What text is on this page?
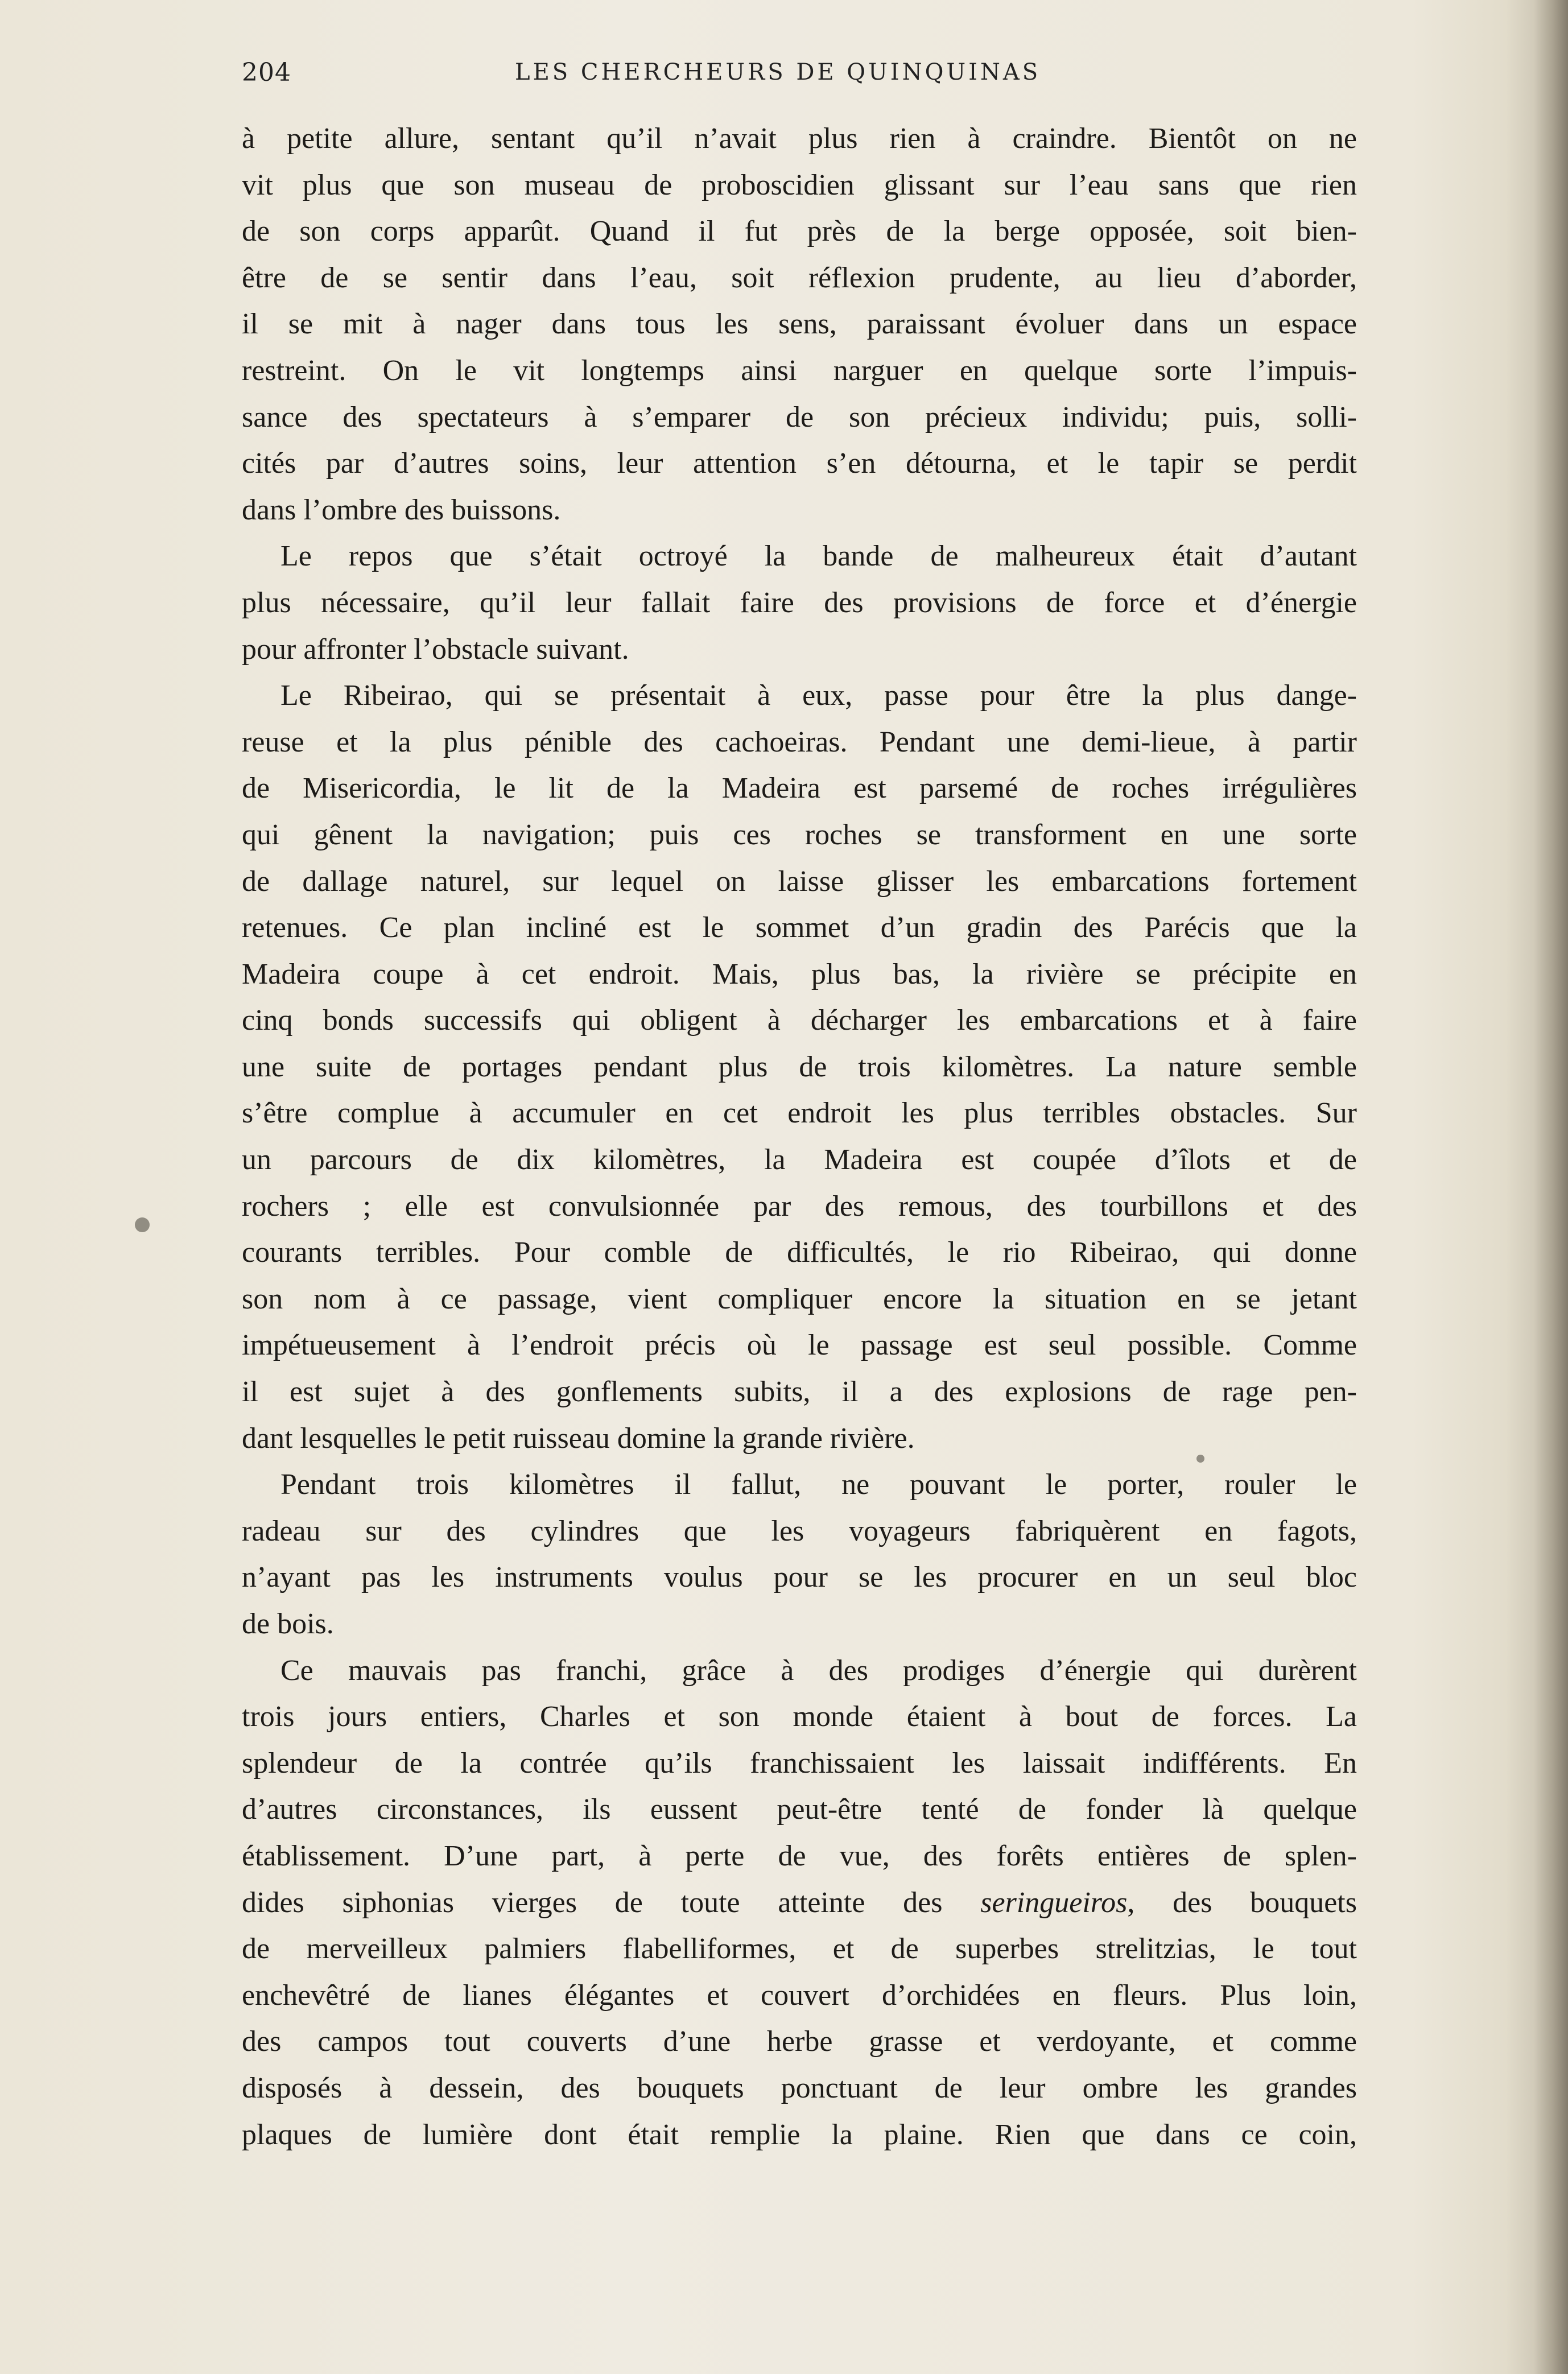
204	LES CHERCHEURS DE QUINQUINAS
à petite allure, sentant qu’il n’avait plus rien à craindre. Bientôt on ne
vit plus que son museau de proboscidien glissant sur l’eau sans que rien
de son corps apparût. Quand il fut près de la berge opposée, soit bien-
être de se sentir dans l’eau, soit réflexion prudente, au lieu d’aborder,
il se mit à nager dans tous les sens, paraissant évoluer dans un espace
restreint. On le vit longtemps ainsi narguer en quelque sorte l’impuis-
sance des spectateurs à s’emparer de son précieux individu; puis, solli-
cités par d’autres soins, leur attention s’en détourna, et le tapir se perdit
dans l’ombre des buissons.
Le repos que s’était octroyé la bande de malheureux était d’autant
plus nécessaire, qu’il leur fallait faire des provisions de force et d’énergie
pour affronter l’obstacle suivant.
Le Ribeirao, qui se présentait à eux, passe pour être la plus dange-
reuse et la plus pénible des cachoeiras. Pendant une demi-lieue, à partir
de Misericordia, le lit de la Madeira est parsemé de roches irrégulières
qui gênent la navigation; puis ces roches se transforment en une sorte
de dallage naturel, sur lequel on laisse glisser les embarcations fortement
retenues. Ce plan incliné est le sommet d’un gradin des Parécis que la
Madeira coupe à cet endroit. Mais, plus bas, la rivière se précipite en
cinq bonds successifs qui obligent à décharger les embarcations et à faire
une suite de portages pendant plus de trois kilomètres. La nature semble
s’être complue à accumuler en cet endroit les plus terribles obstacles. Sur
un parcours de dix kilomètres, la Madeira est coupée d’îlots et de
rochers ; elle est convulsionnée par des remous, des tourbillons et des
courants terribles. Pour comble de difficultés, le rio Ribeirao, qui donne
son nom à ce passage, vient compliquer encore la situation en se jetant
impétueusement à l’endroit précis où le passage est seul possible. Comme
il est sujet à des gonflements subits, il a des explosions de rage pen-
dant lesquelles le petit ruisseau domine la grande rivière.
Pendant trois kilomètres il fallut, ne pouvant le porter, rouler le
radeau sur des cylindres que les voyageurs fabriquèrent en fagots,
n’ayant pas les instruments voulus pour se les procurer en un seul bloc
de bois.
Ce mauvais pas franchi, grâce à des prodiges d’énergie qui durèrent
trois jours entiers, Charles et son monde étaient à bout de forces. La
splendeur de la contrée qu’ils franchissaient les laissait indifférents. En
d’autres circonstances, ils eussent peut-être tenté de fonder là quelque
établissement. D’une part, à perte de vue, des forêts entières de splen-
dides siphonias vierges de toute atteinte des seringueiros, des bouquets
de merveilleux palmiers flabelliformes, et de superbes strelitzias, le tout
enchevêtré de lianes élégantes et couvert d’orchidées en fleurs. Plus loin,
des campos tout couverts d’une herbe grasse et verdoyante, et comme
disposés à dessein, des bouquets ponctuant de leur ombre les grandes
plaques de lumière dont était remplie la plaine. Rien que dans ce coin,
